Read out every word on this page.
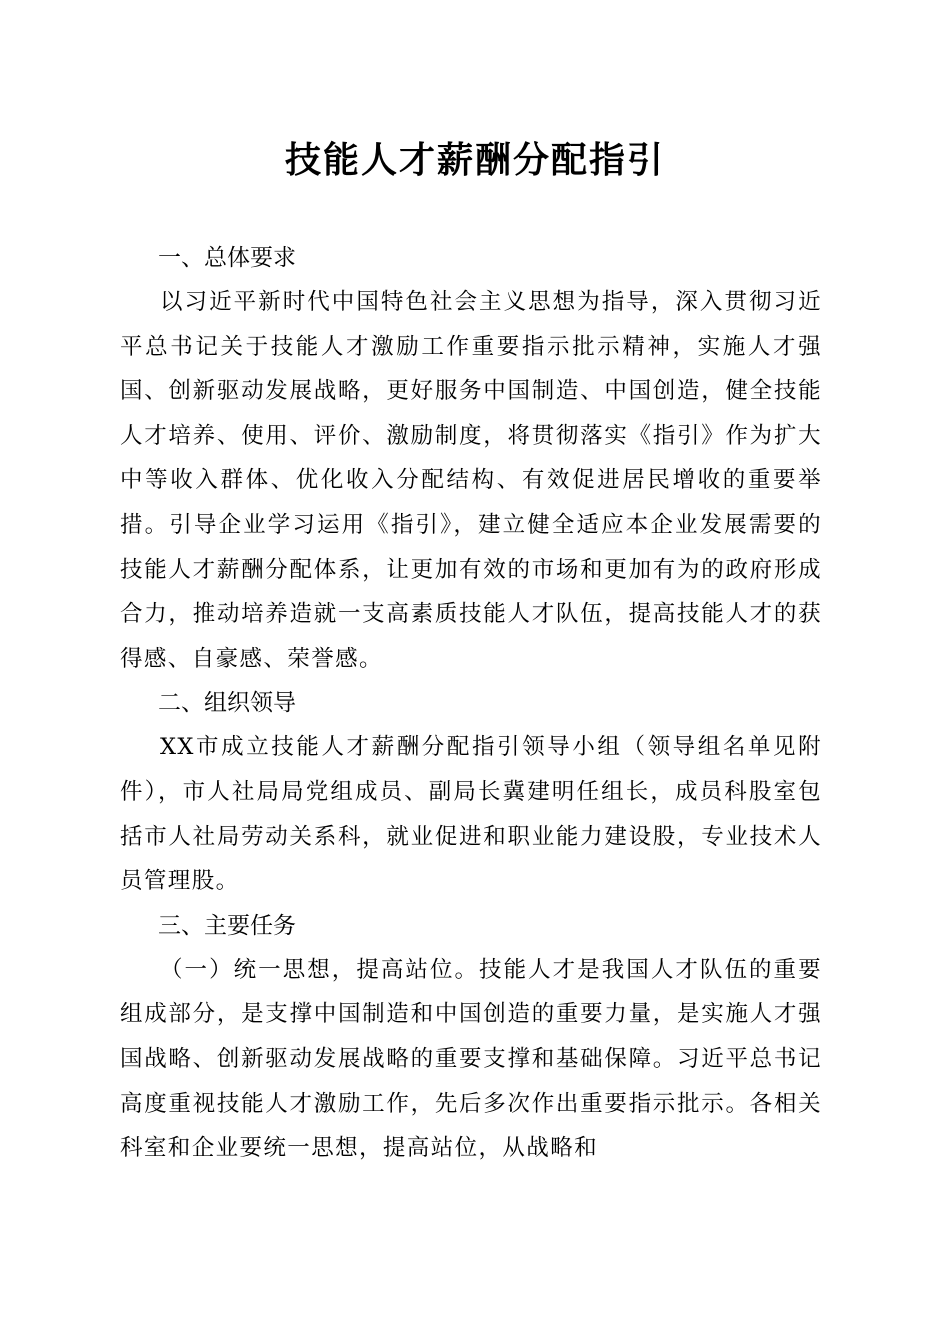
技能人才薪酬分配指引
一、总体要求

以习近平新时代中国特色社会主义思想为指导，深入贯彻习近平总书记关于技能人才激励工作重要指示批示精神，实施人才强国、创新驱动发展战略，更好服务中国制造、中国创造，健全技能人才培养、使用、评价、激励制度，将贯彻落实《指引》作为扩大中等收入群体、优化收入分配结构、有效促进居民增收的重要举措。引导企业学习运用《指引》，建立健全适应本企业发展需要的技能人才薪酬分配体系，让更加有效的市场和更加有为的政府形成合力，推动培养造就一支高素质技能人才队伍，提高技能人才的获得感、自豪感、荣誉感。

二、组织领导

XX市成立技能人才薪酬分配指引领导小组（领导组名单见附件），市人社局局党组成员、副局长冀建明任组长，成员科股室包括市人社局劳动关系科，就业促进和职业能力建设股，专业技术人员管理股。

三、主要任务

（一）统一思想，提高站位。技能人才是我国人才队伍的重要组成部分，是支撑中国制造和中国创造的重要力量，是实施人才强国战略、创新驱动发展战略的重要支撑和基础保障。习近平总书记高度重视技能人才激励工作，先后多次作出重要指示批示。各相关科室和企业要统一思想，提高站位，从战略和
